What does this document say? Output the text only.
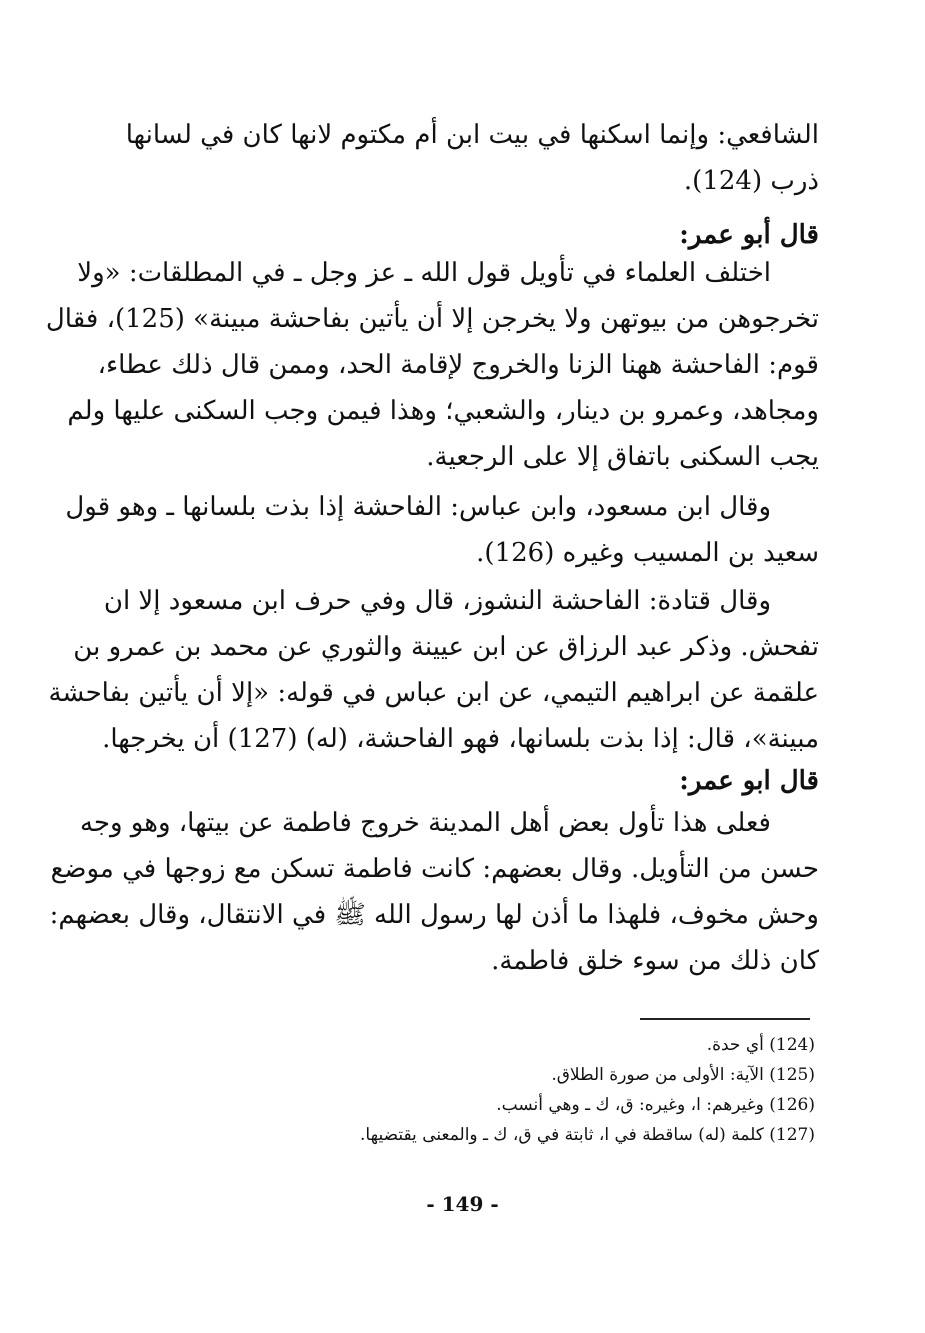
الشافعي: وإنما اسكنها في بيت ابن أم مكتوم لانها كان في لسانها
ذرب (124).
قال أبو عمر:
اختلف العلماء في تأويل قول الله ـ عز وجل ـ في المطلقات: «ولا
تخرجوهن من بيوتهن ولا يخرجن إلا أن يأتين بفاحشة مبينة» (125)، فقال
قوم: الفاحشة ههنا الزنا والخروج لإقامة الحد، وممن قال ذلك عطاء،
ومجاهد، وعمرو بن دينار، والشعبي؛ وهذا فيمن وجب السكنى عليها ولم
يجب السكنى باتفاق إلا على الرجعية.
وقال ابن مسعود، وابن عباس: الفاحشة إذا بذت بلسانها ـ وهو قول
سعيد بن المسيب وغيره (126).
وقال قتادة: الفاحشة النشوز، قال وفي حرف ابن مسعود إلا ان
تفحش. وذكر عبد الرزاق عن ابن عيينة والثوري عن محمد بن عمرو بن
علقمة عن ابراهيم التيمي، عن ابن عباس في قوله: «إلا أن يأتين بفاحشة
مبينة»، قال: إذا بذت بلسانها، فهو الفاحشة، (له) (127) أن يخرجها.
قال ابو عمر:
فعلى هذا تأول بعض أهل المدينة خروج فاطمة عن بيتها، وهو وجه
حسن من التأويل. وقال بعضهم: كانت فاطمة تسكن مع زوجها في موضع
وحش مخوف، فلهذا ما أذن لها رسول الله ﷺ في الانتقال، وقال بعضهم:
كان ذلك من سوء خلق فاطمة.
(124) أي حدة.
(125) الآية: الأولى من صورة الطلاق.
(126) وغيرهم: ا، وغيره: ق، ك ـ وهي أنسب.
(127) كلمة (له) ساقطة في ا، ثابتة في ق، ك ـ والمعنى يقتضيها.
- 149 -
